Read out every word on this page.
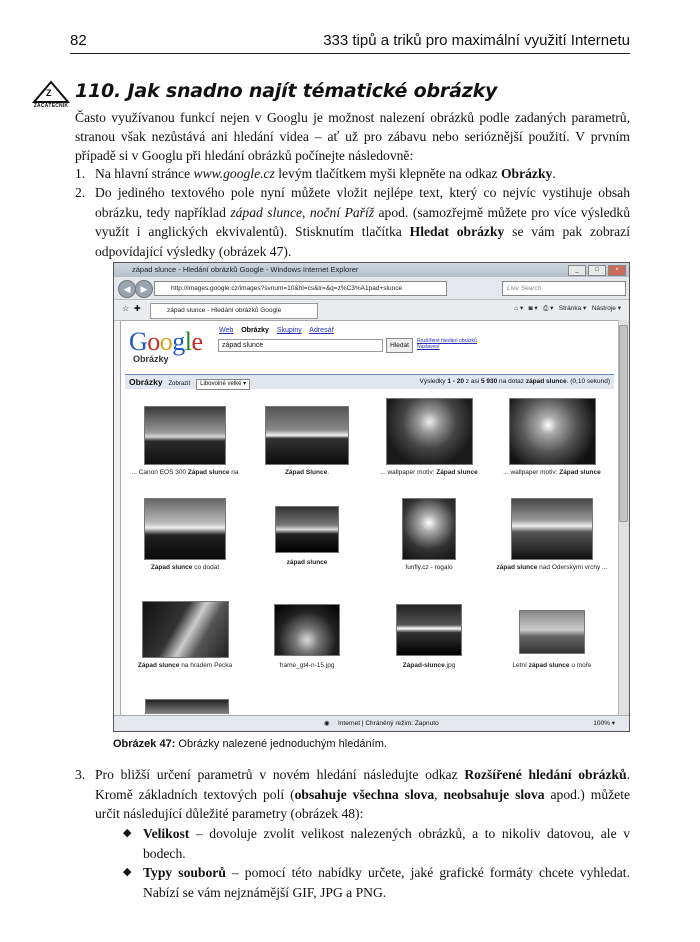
82	333 tipů a triků pro maximální využití Internetu
Z
ZAČÁTEČNÍK
110. Jak snadno najít tématické obrázky
Často využívanou funkcí nejen v Googlu je možnost nalezení obrázků podle zadaných parametrů, stranou však nezůstává ani hledání videa – ať už pro zábavu nebo serióznější použití. V prvním případě si v Googlu při hledání obrázků počínejte následovně:
1. Na hlavní stránce www.google.cz levým tlačítkem myši klepněte na odkaz Obrázky.
2. Do jediného textového pole nyní můžete vložit nejlépe text, který co nejvíc vystihuje obsah obrázku, tedy například západ slunce, noční Paříž apod. (samozřejmě můžete pro více výsledků využít i anglických ekvivalentů). Stisknutím tlačítka Hledat obrázky se vám pak zobrazí odpovídající výsledky (obrázek 47).
západ slunce - Hledání obrázků Google - Windows Internet Explorer	_	□	×
◀	▶	http://images.google.cz/images?svnum=10&hl=cs&lr=&q=z%C3%A1pad+slunce	Live Search
☆ ✚	západ slunce - Hledání obrázků Google	⌂ ▾   ◙ ▾   ⎙ ▾   Stránka ▾   Nástroje ▾
Google
Obrázky
Web Obrázky Skupiny Adresář
západ slunce	Hledat
Rozšířené hledání obrázků
Nastavení
Obrázky Zobrazit Libovolné velké ▾	Výsledky 1 - 20 z asi 5 930 na dotaz západ slunce. (0,10 sekund)
... Canon EOS 300 Západ slunce na	Západ Slunce.	... wallpaper motiv: Západ slunce	... wallpaper motiv: Západ slunce
Západ slunce co dodat
západ slunce
funfly.cz - rogalo	západ slunce nad Oderskými vrchy ...
Západ slunce na hradem Pecka	frame_gt4-n-15.jpg	Západ-slunce.jpg	Letní západ slunce u moře
◉ Internet | Chráněný režim: Zapnuto	100% ▾
Obrázek 47: Obrázky nalezené jednoduchým hledáním.
3. Pro bližší určení parametrů v novém hledání následujte odkaz Rozšířené hledání obrázků. Kromě základních textových polí (obsahuje všechna slova, neobsahuje slova apod.) můžete určit následující důležité parametry (obrázek 48):
◆ Velikost – dovoluje zvolit velikost nalezených obrázků, a to nikoliv datovou, ale v bodech.
◆ Typy souborů – pomocí této nabídky určete, jaké grafické formáty chcete vyhledat. Nabízí se vám nejznámější GIF, JPG a PNG.
